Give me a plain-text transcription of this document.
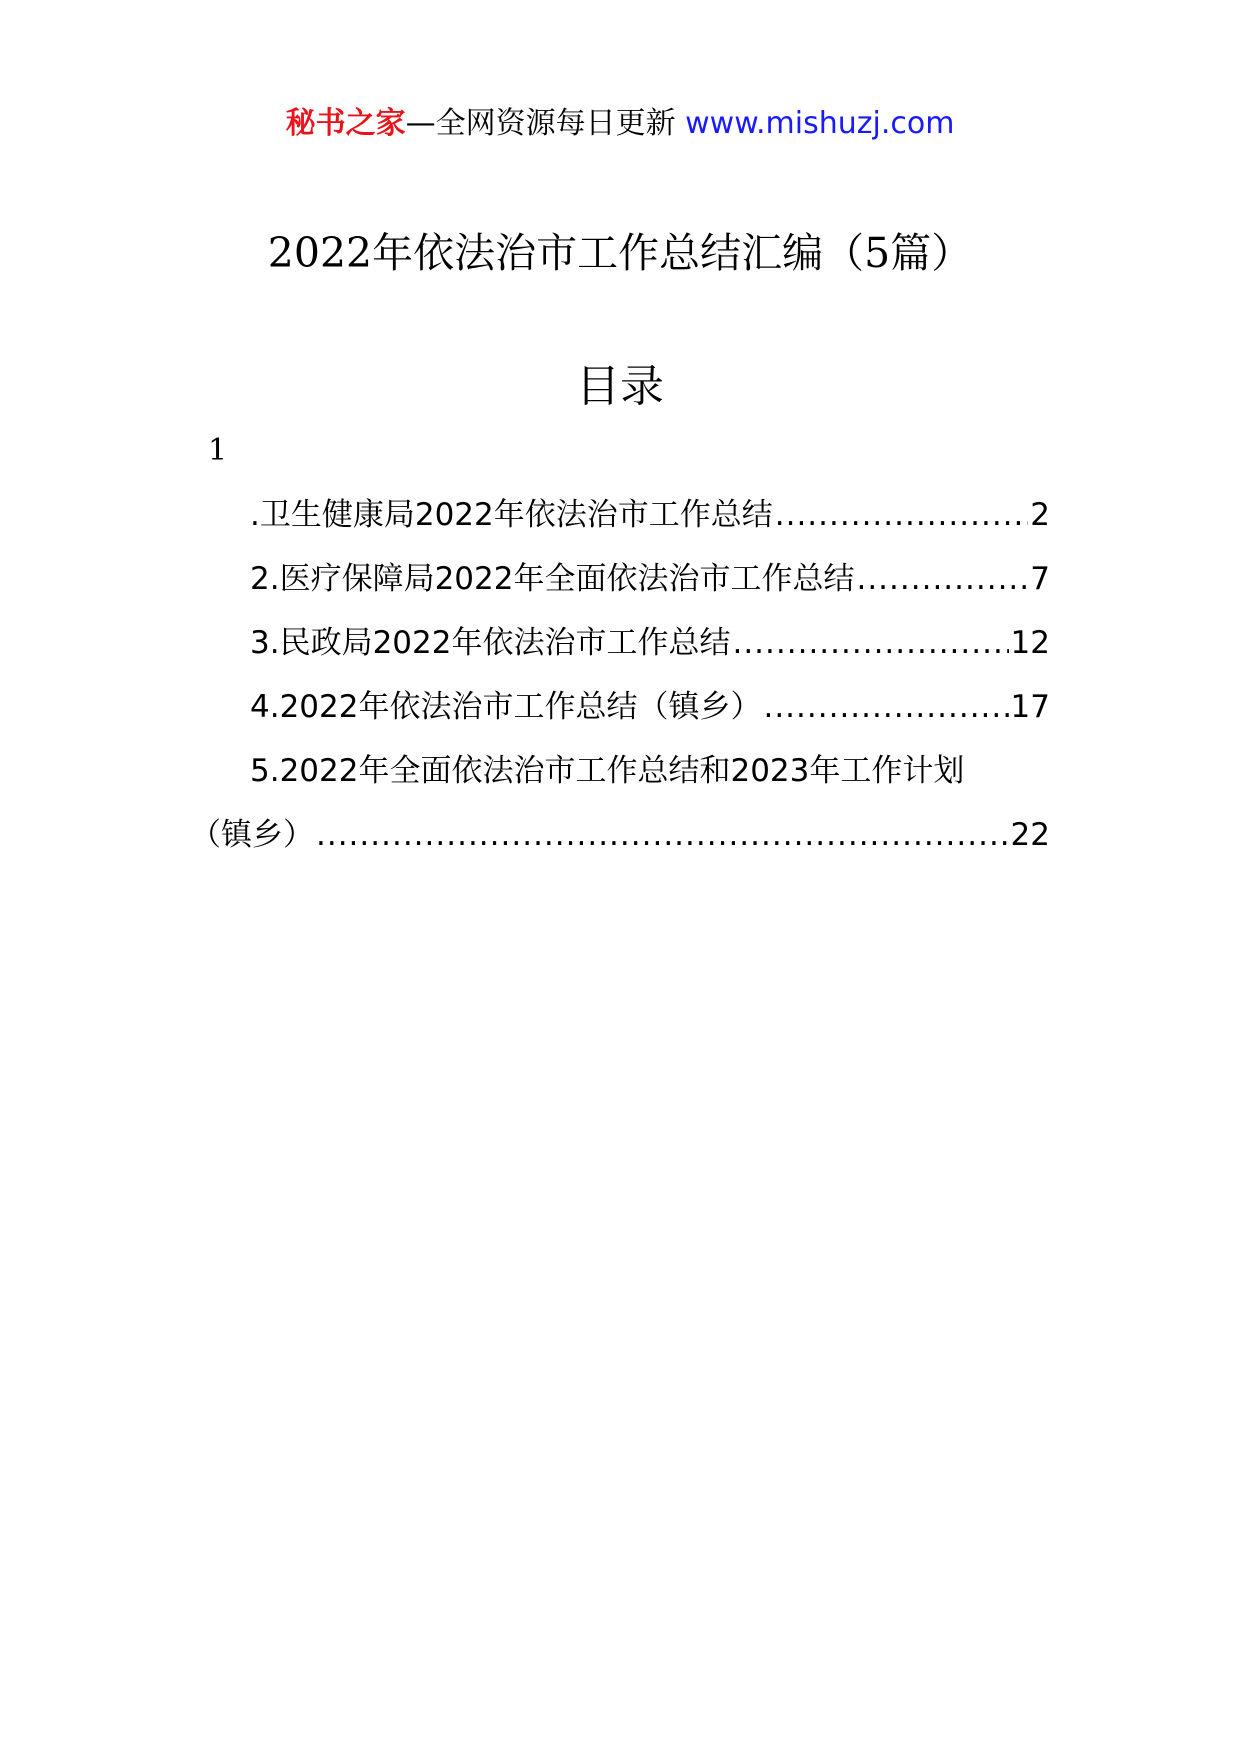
秘书之家—全网资源每日更新 www.mishuzj.com
2022年依法治市工作总结汇编（5篇）
目录
1
.卫生健康局2022年依法治市工作总结 .....	2
2.医疗保障局2022年全面依法治市工作总结 .....	7
3.民政局2022年依法治市工作总结 .....	12
4.2022年依法治市工作总结（镇乡） .....	17
5.2022年全面依法治市工作总结和2023年工作计划
（镇乡） .....	22
